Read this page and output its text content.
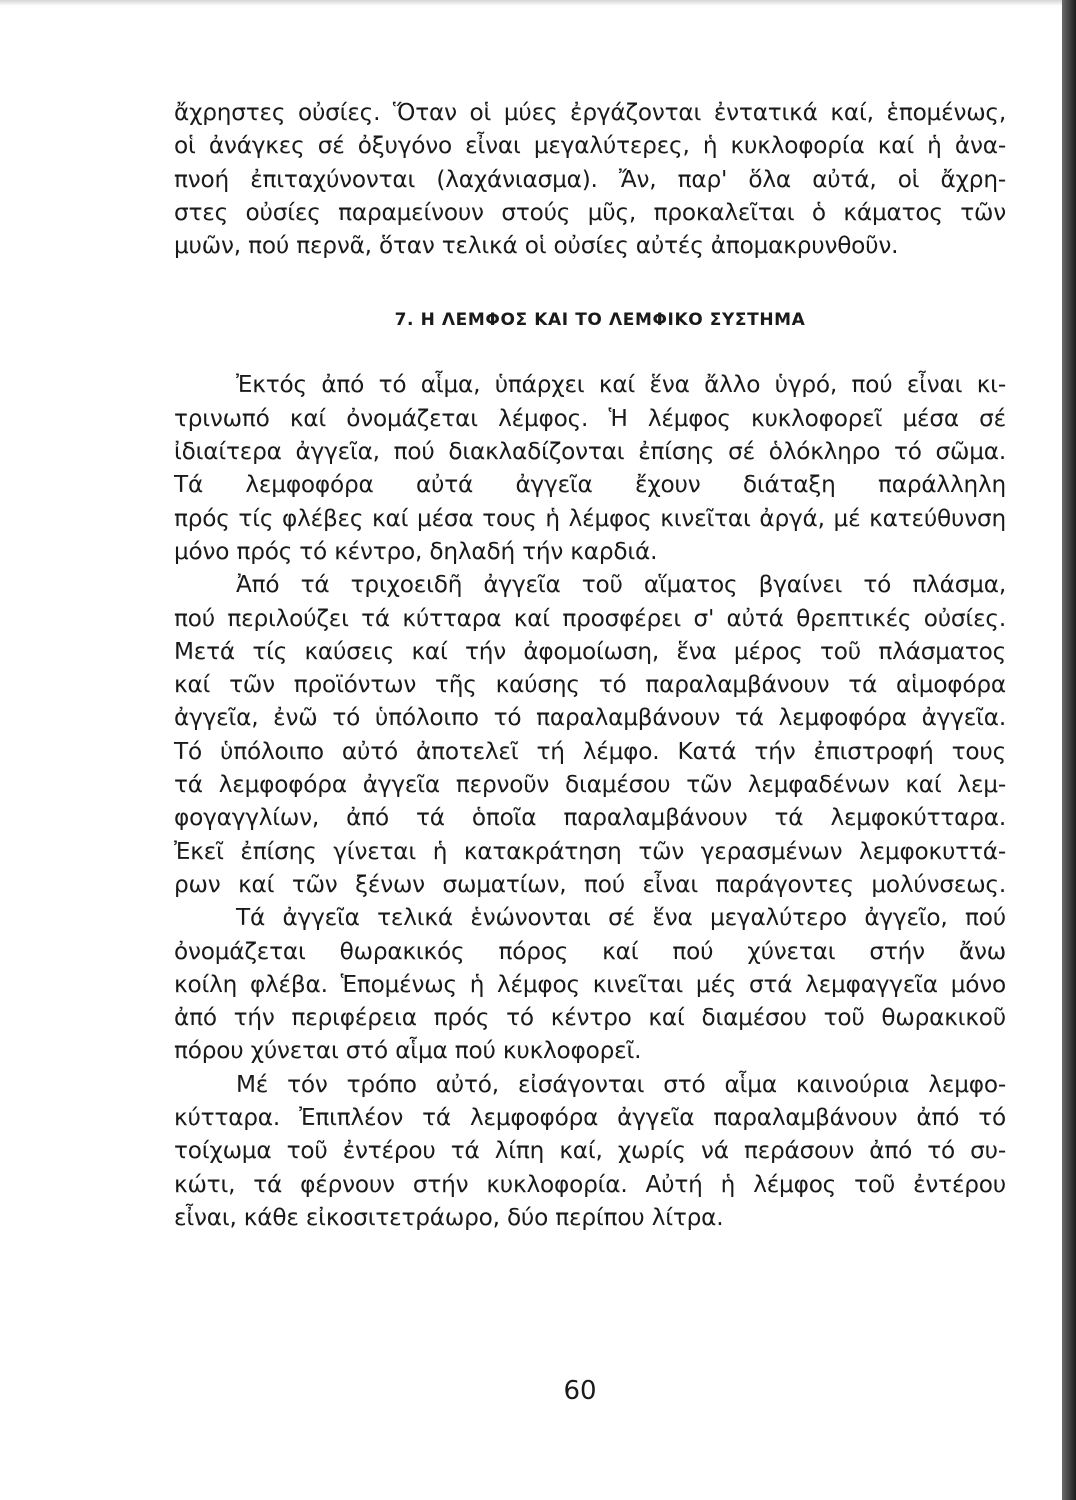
ἄχρηστες οὐσίες. Ὅταν οἱ μύες ἐργάζονται ἐντατικά καί, ἑπομένως,
οἱ ἀνάγκες σέ ὀξυγόνο εἶναι μεγαλύτερες, ἡ κυκλοφορία καί ἡ ἀνα-
πνοή ἐπιταχύνονται (λαχάνιασμα). Ἄν, παρ' ὅλα αὐτά, οἱ ἄχρη-
στες οὐσίες παραμείνουν στούς μῦς, προκαλεῖται ὁ κάματος τῶν
μυῶν, πού περνᾶ, ὅταν τελικά οἱ οὐσίες αὐτές ἀπομακρυνθοῦν.
7. Η ΛΕΜΦΟΣ ΚΑΙ ΤΟ ΛΕΜΦΙΚΟ ΣΥΣΤΗΜΑ
Ἐκτός ἀπό τό αἷμα, ὑπάρχει καί ἕνα ἄλλο ὑγρό, πού εἶναι κι-
τρινωπό καί ὀνομάζεται λέμφος. Ἡ λέμφος κυκλοφορεῖ μέσα σέ
ἰδιαίτερα ἀγγεῖα, πού διακλαδίζονται ἐπίσης σέ ὁλόκληρο τό σῶμα.
Τά λεμφοφόρα αὐτά ἀγγεῖα ἔχουν διάταξη παράλληλη
πρός τίς φλέβες καί μέσα τους ἡ λέμφος κινεῖται ἀργά, μέ κατεύθυνση
μόνο πρός τό κέντρο, δηλαδή τήν καρδιά.
Ἀπό τά τριχοειδῆ ἀγγεῖα τοῦ αἵματος βγαίνει τό πλάσμα,
πού περιλούζει τά κύτταρα καί προσφέρει σ' αὐτά θρεπτικές οὐσίες.
Μετά τίς καύσεις καί τήν ἀφομοίωση, ἕνα μέρος τοῦ πλάσματος
καί τῶν προϊόντων τῆς καύσης τό παραλαμβάνουν τά αἱμοφόρα
ἀγγεῖα, ἐνῶ τό ὑπόλοιπο τό παραλαμβάνουν τά λεμφοφόρα ἀγγεῖα.
Τό ὑπόλοιπο αὐτό ἀποτελεῖ τή λέμφο. Κατά τήν ἐπιστροφή τους
τά λεμφοφόρα ἀγγεῖα περνοῦν διαμέσου τῶν λεμφαδένων καί λεμ-
φογαγγλίων, ἀπό τά ὁποῖα παραλαμβάνουν τά λεμφοκύτταρα.
Ἐκεῖ ἐπίσης γίνεται ἡ κατακράτηση τῶν γερασμένων λεμφοκυττά-
ρων καί τῶν ξένων σωματίων, πού εἶναι παράγοντες μολύνσεως.
Τά ἀγγεῖα τελικά ἑνώνονται σέ ἕνα μεγαλύτερο ἀγγεῖο, πού
ὀνομάζεται θωρακικός πόρος καί πού χύνεται στήν ἄνω
κοίλη φλέβα. Ἑπομένως ἡ λέμφος κινεῖται μές στά λεμφαγγεῖα μόνο
ἀπό τήν περιφέρεια πρός τό κέντρο καί διαμέσου τοῦ θωρακικοῦ
πόρου χύνεται στό αἷμα πού κυκλοφορεῖ.
Μέ τόν τρόπο αὐτό, εἰσάγονται στό αἷμα καινούρια λεμφο-
κύτταρα. Ἐπιπλέον τά λεμφοφόρα ἀγγεῖα παραλαμβάνουν ἀπό τό
τοίχωμα τοῦ ἐντέρου τά λίπη καί, χωρίς νά περάσουν ἀπό τό συ-
κώτι, τά φέρνουν στήν κυκλοφορία. Αὐτή ἡ λέμφος τοῦ ἐντέρου
εἶναι, κάθε εἰκοσιτετράωρο, δύο περίπου λίτρα.
60
